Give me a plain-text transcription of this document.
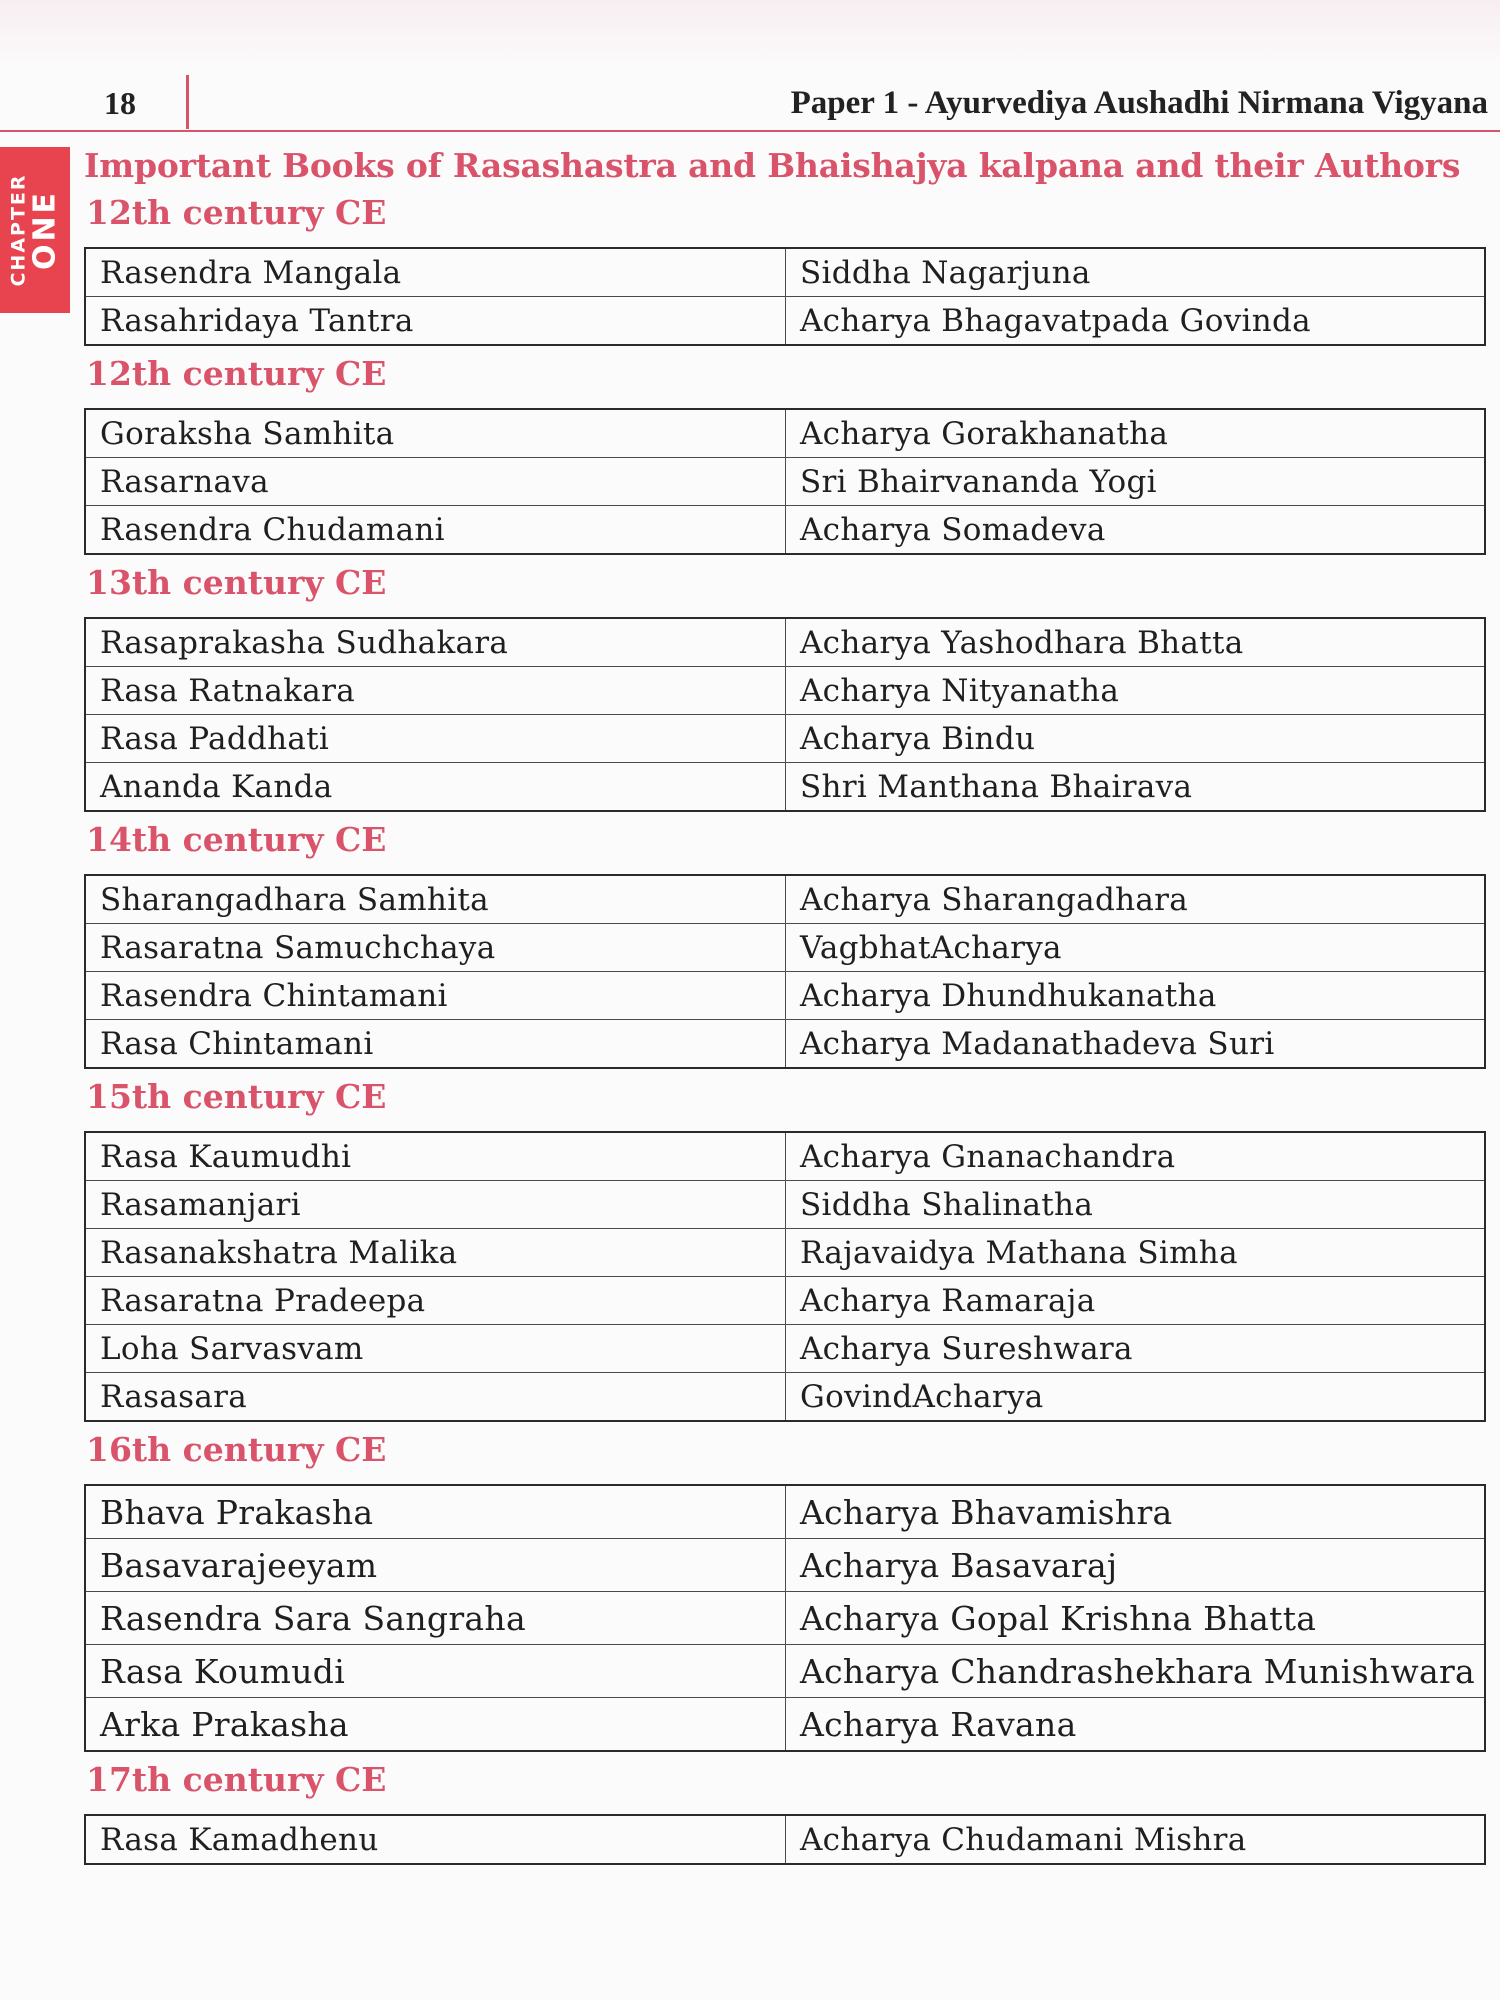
18	Paper 1 - Ayurvediya Aushadhi Nirmana Vigyana
CHAPTER
ONE
Important Books of Rasashastra and Bhaishajya kalpana and their Authors
12th century CE
Rasendra Mangala	Siddha Nagarjuna
Rasahridaya Tantra	Acharya Bhagavatpada Govinda
12th century CE
Goraksha Samhita	Acharya Gorakhanatha
Rasarnava	Sri Bhairvananda Yogi
Rasendra Chudamani	Acharya Somadeva
13th century CE
Rasaprakasha Sudhakara	Acharya Yashodhara Bhatta
Rasa Ratnakara	Acharya Nityanatha
Rasa Paddhati	Acharya Bindu
Ananda Kanda	Shri Manthana Bhairava
14th century CE
Sharangadhara Samhita	Acharya Sharangadhara
Rasaratna Samuchchaya	VagbhatAcharya
Rasendra Chintamani	Acharya Dhundhukanatha
Rasa Chintamani	Acharya Madanathadeva Suri
15th century CE
Rasa Kaumudhi	Acharya Gnanachandra
Rasamanjari	Siddha Shalinatha
Rasanakshatra Malika	Rajavaidya Mathana Simha
Rasaratna Pradeepa	Acharya Ramaraja
Loha Sarvasvam	Acharya Sureshwara
Rasasara	GovindAcharya
16th century CE
Bhava Prakasha	Acharya Bhavamishra
Basavarajeeyam	Acharya Basavaraj
Rasendra Sara Sangraha	Acharya Gopal Krishna Bhatta
Rasa Koumudi	Acharya Chandrashekhara Munishwara
Arka Prakasha	Acharya Ravana
17th century CE
Rasa Kamadhenu	Acharya Chudamani Mishra
